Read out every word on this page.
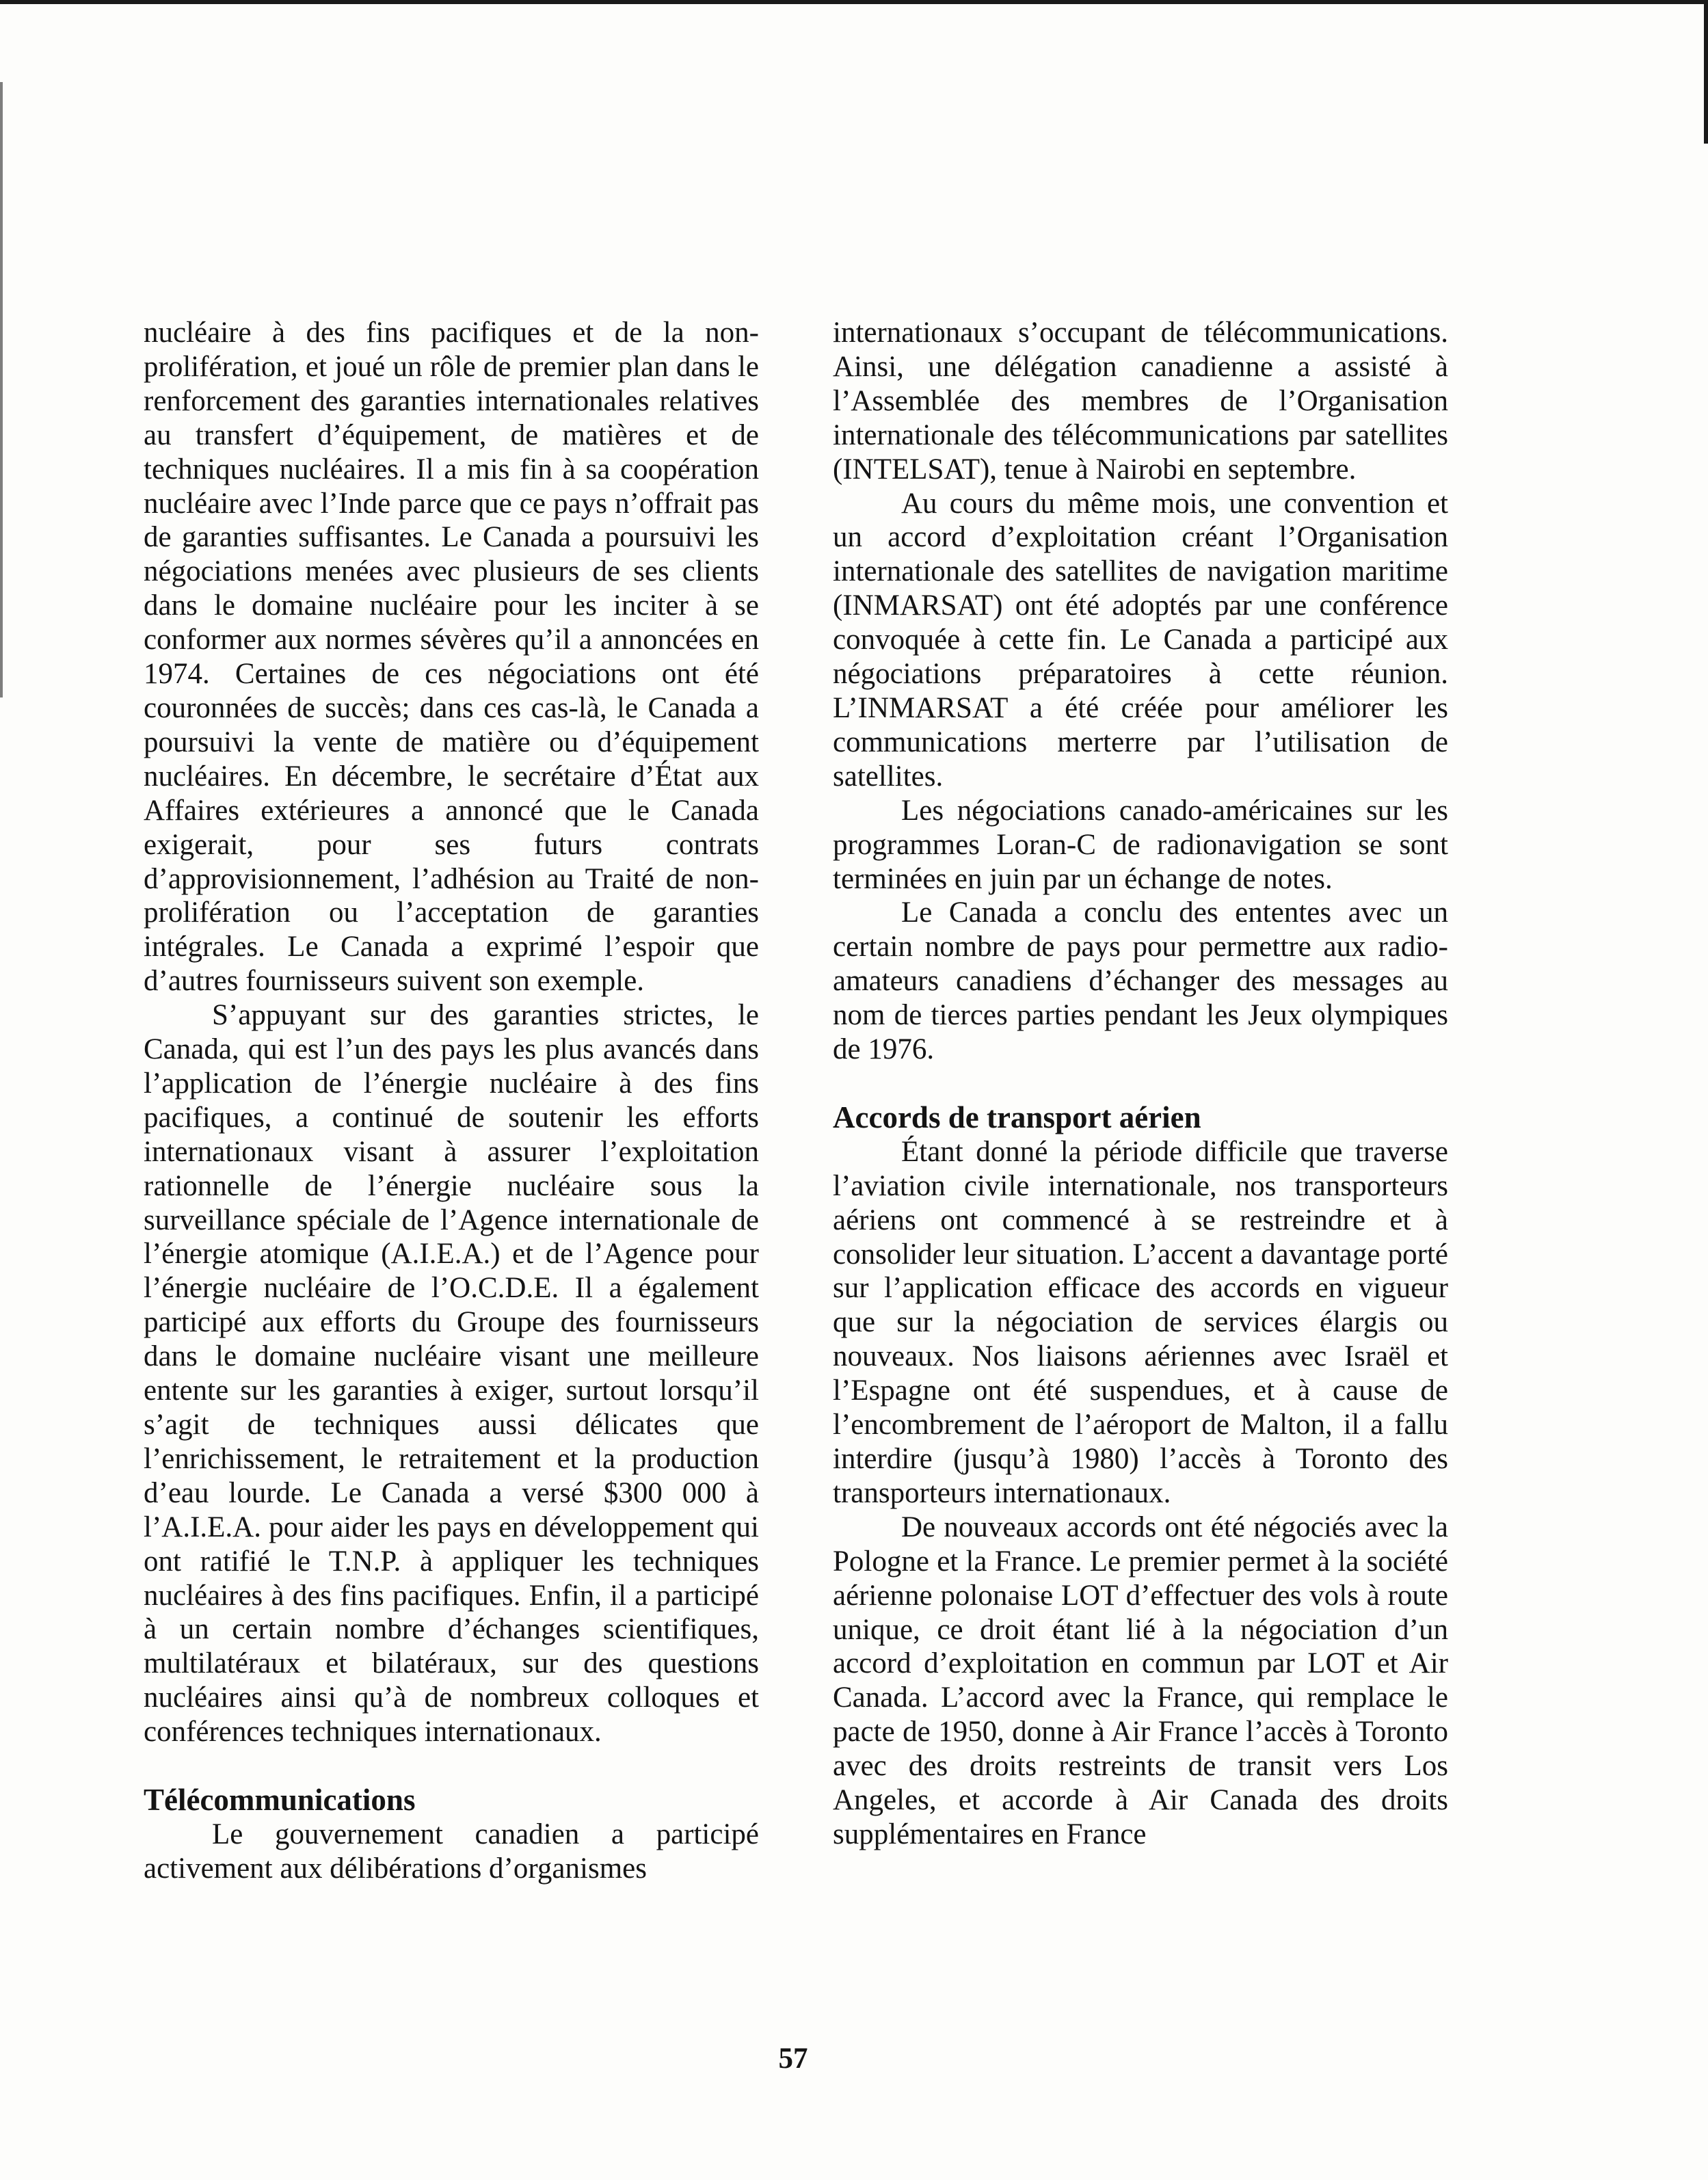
nucléaire à des fins pacifiques et de la non-prolifération, et joué un rôle de premier plan dans le renforcement des garanties internationales relatives au transfert d’équipement, de matières et de techniques nucléaires. Il a mis fin à sa coopération nucléaire avec l’Inde parce que ce pays n’offrait pas de garanties suffisantes. Le Canada a poursuivi les négociations menées avec plusieurs de ses clients dans le domaine nucléaire pour les inciter à se conformer aux normes sévères qu’il a annoncées en 1974. Certaines de ces négociations ont été couronnées de succès; dans ces cas-là, le Canada a poursuivi la vente de matière ou d’équipement nucléaires. En décembre, le secrétaire d’État aux Affaires extérieures a annoncé que le Canada exigerait, pour ses futurs contrats d’approvisionnement, l’adhésion au Traité de non-prolifération ou l’acceptation de garanties intégrales. Le Canada a exprimé l’espoir que d’autres fournisseurs suivent son exemple.

S’appuyant sur des garanties strictes, le Canada, qui est l’un des pays les plus avancés dans l’application de l’énergie nucléaire à des fins pacifiques, a continué de soutenir les efforts internationaux visant à assurer l’exploitation rationnelle de l’énergie nucléaire sous la surveillance spéciale de l’Agence internationale de l’énergie atomique (A.I.E.A.) et de l’Agence pour l’énergie nucléaire de l’O.C.D.E. Il a également participé aux efforts du Groupe des fournisseurs dans le domaine nucléaire visant une meilleure entente sur les garanties à exiger, surtout lorsqu’il s’agit de techniques aussi délicates que l’enrichissement, le retraitement et la production d’eau lourde. Le Canada a versé $300 000 à l’A.I.E.A. pour aider les pays en développement qui ont ratifié le T.N.P. à appliquer les techniques nucléaires à des fins pacifiques. Enfin, il a participé à un certain nombre d’échanges scientifiques, multilatéraux et bilatéraux, sur des questions nucléaires ainsi qu’à de nombreux colloques et conférences techniques internationaux.

Télécommunications

Le gouvernement canadien a participé activement aux délibérations d’organismes

internationaux s’occupant de télécommunications. Ainsi, une délégation canadienne a assisté à l’Assemblée des membres de l’Organisation internationale des télécommunications par satellites (INTELSAT), tenue à Nairobi en septembre.

Au cours du même mois, une convention et un accord d’exploitation créant l’Organisation internationale des satellites de navigation maritime (INMARSAT) ont été adoptés par une conférence convoquée à cette fin. Le Canada a participé aux négociations préparatoires à cette réunion. L’INMARSAT a été créée pour améliorer les communications merterre par l’utilisation de satellites.

Les négociations canado-américaines sur les programmes Loran-C de radionavigation se sont terminées en juin par un échange de notes.

Le Canada a conclu des ententes avec un certain nombre de pays pour permettre aux radio-amateurs canadiens d’échanger des messages au nom de tierces parties pendant les Jeux olympiques de 1976.

Accords de transport aérien

Étant donné la période difficile que traverse l’aviation civile internationale, nos transporteurs aériens ont commencé à se restreindre et à consolider leur situation. L’accent a davantage porté sur l’application efficace des accords en vigueur que sur la négociation de services élargis ou nouveaux. Nos liaisons aériennes avec Israël et l’Espagne ont été suspendues, et à cause de l’encombrement de l’aéroport de Malton, il a fallu interdire (jusqu’à 1980) l’accès à Toronto des transporteurs internationaux.

De nouveaux accords ont été négociés avec la Pologne et la France. Le premier permet à la société aérienne polonaise LOT d’effectuer des vols à route unique, ce droit étant lié à la négociation d’un accord d’exploitation en commun par LOT et Air Canada. L’accord avec la France, qui remplace le pacte de 1950, donne à Air France l’accès à Toronto avec des droits restreints de transit vers Los Angeles, et accorde à Air Canada des droits supplémentaires en France

57
